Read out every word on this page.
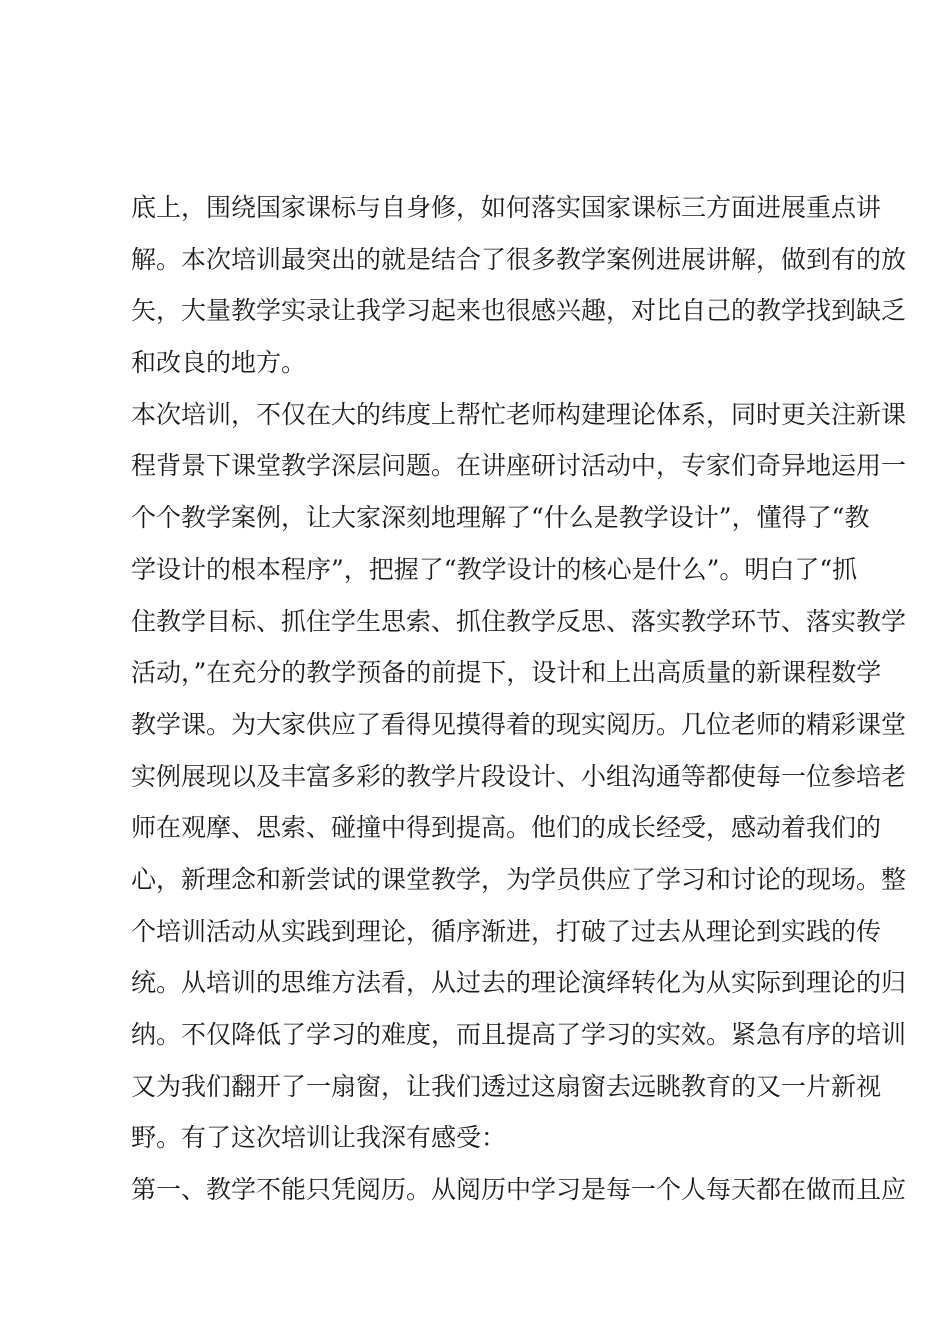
底上，围绕国家课标与自身修，如何落实国家课标三方面进展重点讲
解。本次培训最突出的就是结合了很多教学案例进展讲解，做到有的放
矢，大量教学实录让我学习起来也很感兴趣，对比自己的教学找到缺乏
和改良的地方。
本次培训，不仅在大的纬度上帮忙老师构建理论体系，同时更关注新课
程背景下课堂教学深层问题。在讲座研讨活动中，专家们奇异地运用一
个个教学案例，让大家深刻地理解了“什么是教学设计”，懂得了“教
学设计的根本程序”，把握了“教学设计的核心是什么”。明白了“抓
住教学目标、抓住学生思索、抓住教学反思、落实教学环节、落实教学
活动，”在充分的教学预备的前提下，设计和上出高质量的新课程数学
教学课。为大家供应了看得见摸得着的现实阅历。几位老师的精彩课堂
实例展现以及丰富多彩的教学片段设计、小组沟通等都使每一位参培老
师在观摩、思索、碰撞中得到提高。他们的成长经受，感动着我们的
心，新理念和新尝试的课堂教学，为学员供应了学习和讨论的现场。整
个培训活动从实践到理论，循序渐进，打破了过去从理论到实践的传
统。从培训的思维方法看，从过去的理论演绎转化为从实际到理论的归
纳。不仅降低了学习的难度，而且提高了学习的实效。紧急有序的培训
又为我们翻开了一扇窗，让我们透过这扇窗去远眺教育的又一片新视
野。有了这次培训让我深有感受：
第一、教学不能只凭阅历。从阅历中学习是每一个人每天都在做而且应
